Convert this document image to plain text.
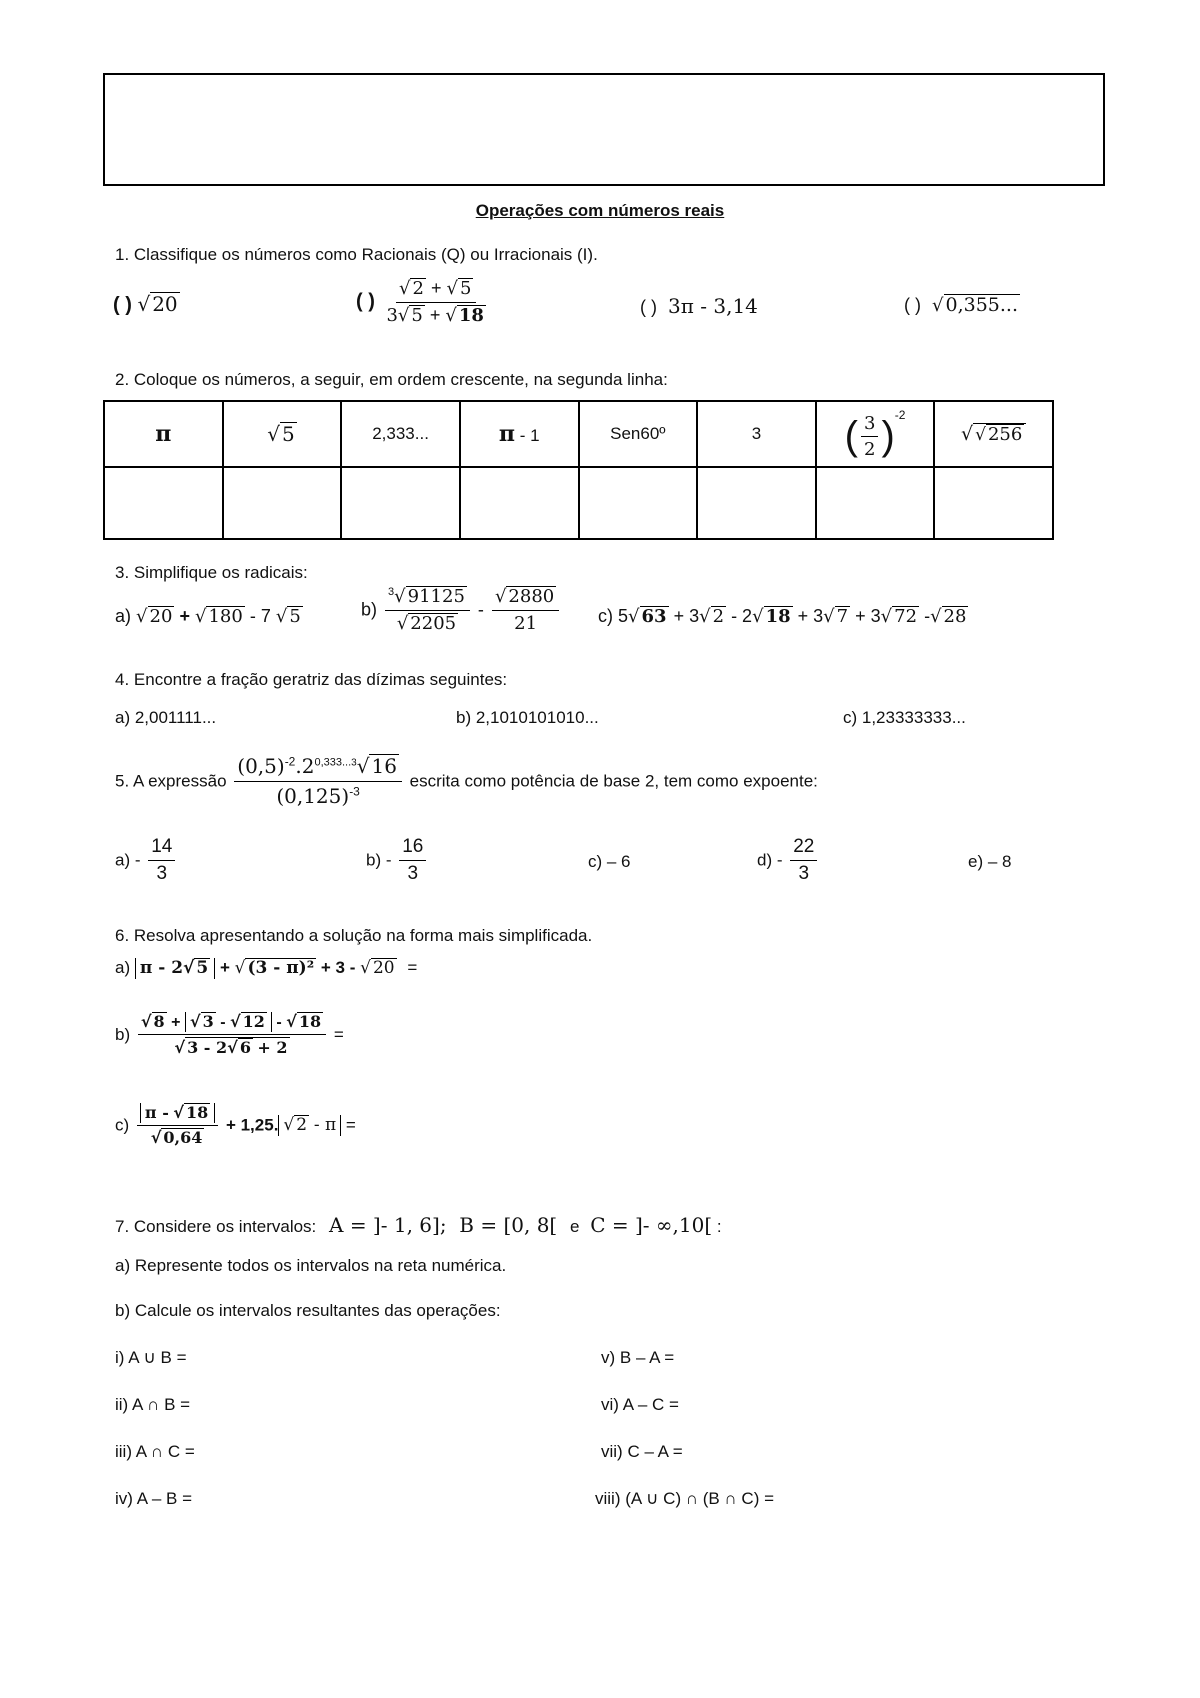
Operações com números reais
1. Classifique os números como Racionais (Q) ou Irracionais (I).
( ) √ 20	( ) $\frac{√ 2 + √ 5}{3√ 5 + √ 18}$	( ) 3π - 3,14	( ) √ 0,355...
2. Coloque os números, a seguir, em ordem crescente, na segunda linha:
π	√ 5	2,333...	π - 1	Sen60º	3	( $\frac{3}{2} )^{-2}$	√ √ 256

3. Simplifique os radicais:
a) √ 20 + √ 180 - 7 √ 5	$b) \frac{^3√ 91125}{√ 2205} - \frac{√ 2880}{21} c$) 5√ 63 + 3√ 2 - 2√ 18 + 3√ 7 + 3√ 72 -√ 28
4. Encontre a fração geratriz das dízimas seguintes:
a) 2,001111...	b) 2,1010101010...	c) 1,23333333...
5. A expressão $\frac{(0,5)^{-2}.2^{0,333...3}√ 16}{(0,125)^{-3}}$ escrita como potência de base 2, tem como expoente:
$a) - \frac{14}{3}$	$b) - \frac{16}{3}$	c) – 6	$d) - \frac{22}{3}$	e) – 8
6. Resolva apresentando a solução na forma mais simplificada.
a) π - 2√ 5 + √ (3 - π)² + 3 - √ 20 =
$b) \frac{√ 8 + √ 3 - √ 12 - √ 18}{√ 3 - 2√ 6 + 2}$ =
$c) \frac{\pi - √ 18}{√ 0,64} + 1,25$. √ 2 - π =
7. Considere os intervalos: A = ]- 1, 6]; B = [0, 8[ e C = ]- ∞,10[ :
a) Represente todos os intervalos na reta numérica.
b) Calcule os intervalos resultantes das operações:
i) A ∪ B =
ii) A ∩ B =
iii) A ∩ C =
iv) A – B =
v) B – A =
vi) A – C =
vii) C – A =
viii) (A ∪ C) ∩ (B ∩ C) =
